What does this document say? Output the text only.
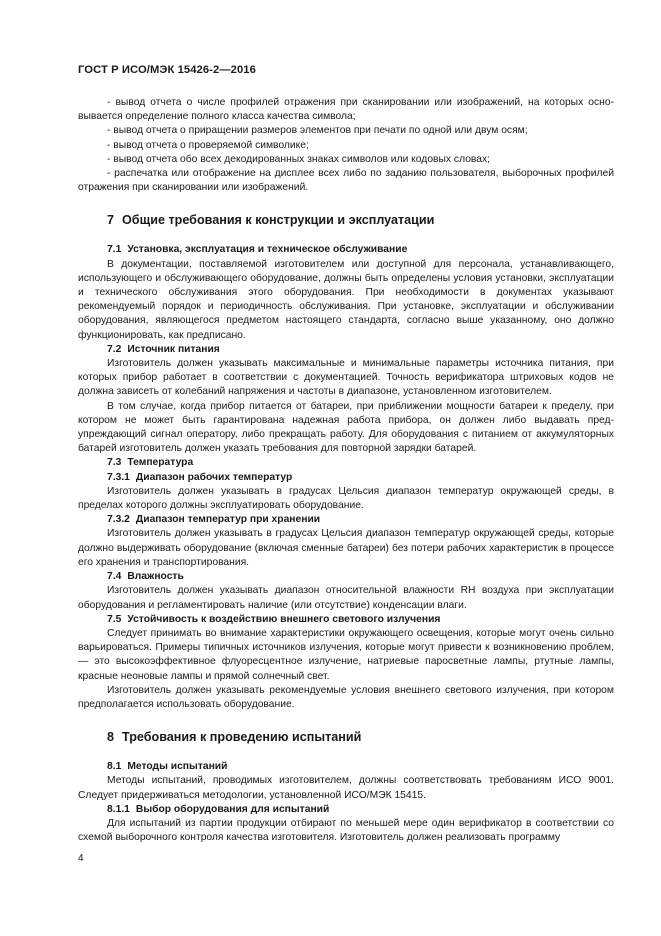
ГОСТ Р ИСО/МЭК 15426-2—2016

- вывод отчета о числе профилей отражения при сканировании или изображений, на которых основывается определение полного класса качества символа;

- вывод отчета о приращении размеров элементов при печати по одной или двум осям;

- вывод отчета о проверяемой символике;

- вывод отчета обо всех декодированных знаках символов или кодовых словах;

- распечатка или отображение на дисплее всех либо по заданию пользователя, выборочных профилей отражения при сканировании или изображений.

7 Общие требования к конструкции и эксплуатации
7.1 Установка, эксплуатация и техническое обслуживание

В документации, поставляемой изготовителем или доступной для персонала, устанавливающего, использующего и обслуживающего оборудование, должны быть определены условия установки, эксплуатации и технического обслуживания этого оборудования. При необходимости в документах указывают рекомендуемый порядок и периодичность обслуживания. При установке, эксплуатации и обслуживании оборудования, являющегося предметом настоящего стандарта, согласно выше указанному, оно должно функционировать, как предписано.

7.2 Источник питания

Изготовитель должен указывать максимальные и минимальные параметры источника питания, при которых прибор работает в соответствии с документацией. Точность верификатора штриховых кодов не должна зависеть от колебаний напряжения и частоты в диапазоне, установленном изготовителем.

В том случае, когда прибор питается от батареи, при приближении мощности батареи к пределу, при котором не может быть гарантирована надежная работа прибора, он должен либо выдавать предупреждающий сигнал оператору, либо прекращать работу. Для оборудования с питанием от аккумуляторных батарей изготовитель должен указать требования для повторной зарядки батарей.

7.3 Температура
7.3.1 Диапазон рабочих температур

Изготовитель должен указывать в градусах Цельсия диапазон температур окружающей среды, в пределах которого должны эксплуатировать оборудование.

7.3.2 Диапазон температур при хранении

Изготовитель должен указывать в градусах Цельсия диапазон температур окружающей среды, которые должно выдерживать оборудование (включая сменные батареи) без потери рабочих характеристик в процессе его хранения и транспортирования.

7.4 Влажность

Изготовитель должен указывать диапазон относительной влажности RH воздуха при эксплуатации оборудования и регламентировать наличие (или отсутствие) конденсации влаги.

7.5 Устойчивость к воздействию внешнего светового излучения

Следует принимать во внимание характеристики окружающего освещения, которые могут очень сильно варьироваться. Примеры типичных источников излучения, которые могут привести к возникновению проблем, — это высокоэффективное флуоресцентное излучение, натриевые паросветные лампы, ртутные лампы, красные неоновые лампы и прямой солнечный свет.

Изготовитель должен указывать рекомендуемые условия внешнего светового излучения, при котором предполагается использовать оборудование.

8 Требования к проведению испытаний
8.1 Методы испытаний

Методы испытаний, проводимых изготовителем, должны соответствовать требованиям ИСО 9001. Следует придерживаться методологии, установленной ИСО/МЭК 15415.

8.1.1 Выбор оборудования для испытаний

Для испытаний из партии продукции отбирают по меньшей мере один верификатор в соответствии со схемой выборочного контроля качества изготовителя. Изготовитель должен реализовать программу

4
